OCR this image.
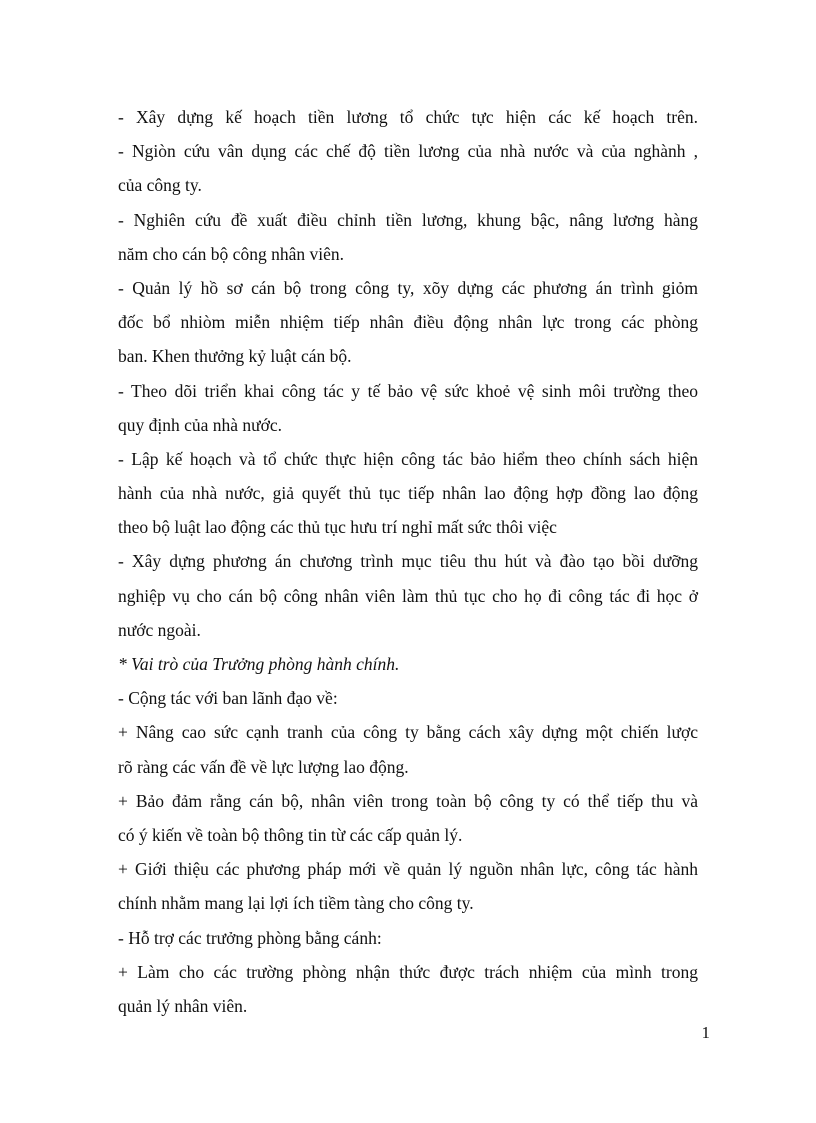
- Xây dựng kế hoạch tiền lương tổ chức tực hiện các kế hoạch trên.
- Ngiòn cứu vân dụng các chế độ tiền lương của nhà nước và của nghành ,
của công ty.
- Nghiên cứu đề xuất điều chỉnh tiền lương, khung bậc, nâng lương hàng
năm cho cán bộ công nhân viên.
- Quản lý hồ sơ cán bộ trong công ty, xõy dựng các phương án trình giỏm
đốc bổ nhiòm miễn nhiệm tiếp nhân điều động nhân lực trong các phòng
ban. Khen thưởng kỷ luật cán bộ.
- Theo dõi triển khai công tác y tế bảo vệ sức khoẻ vệ sinh môi trường theo
quy định của nhà nước.
- Lập kế hoạch và tổ chức thực hiện công tác bảo hiểm theo chính sách hiện
hành của nhà nước, giả quyết thủ tục tiếp nhân lao động hợp đồng lao động
theo bộ luật lao động các thủ tục hưu trí nghỉ mất sức thôi việc
- Xây dựng phương án chương trình mục tiêu thu hút và đào tạo bồi dưỡng
nghiệp vụ cho cán bộ công nhân viên làm thủ tục cho họ đi công tác đi học ở
nước ngoài.
* Vai trò của Trưởng phòng hành chính.
- Cộng tác với ban lãnh đạo về:
+ Nâng cao sức cạnh tranh của công ty bằng cách xây dựng một chiến lược
rõ ràng các vấn đề về lực lượng lao động.
+ Bảo đảm rằng cán bộ, nhân viên trong toàn bộ công ty có thể tiếp thu và
có ý kiến về toàn bộ thông tin từ các cấp quản lý.
+ Giới thiệu các phương pháp mới về quản lý nguồn nhân lực, công tác hành
chính nhằm mang lại lợi ích tiềm tàng cho công ty.
- Hỗ trợ các trưởng phòng bằng cánh:
+ Làm cho các trường phòng nhận thức được trách nhiệm của mình trong
quản lý nhân viên.
1
